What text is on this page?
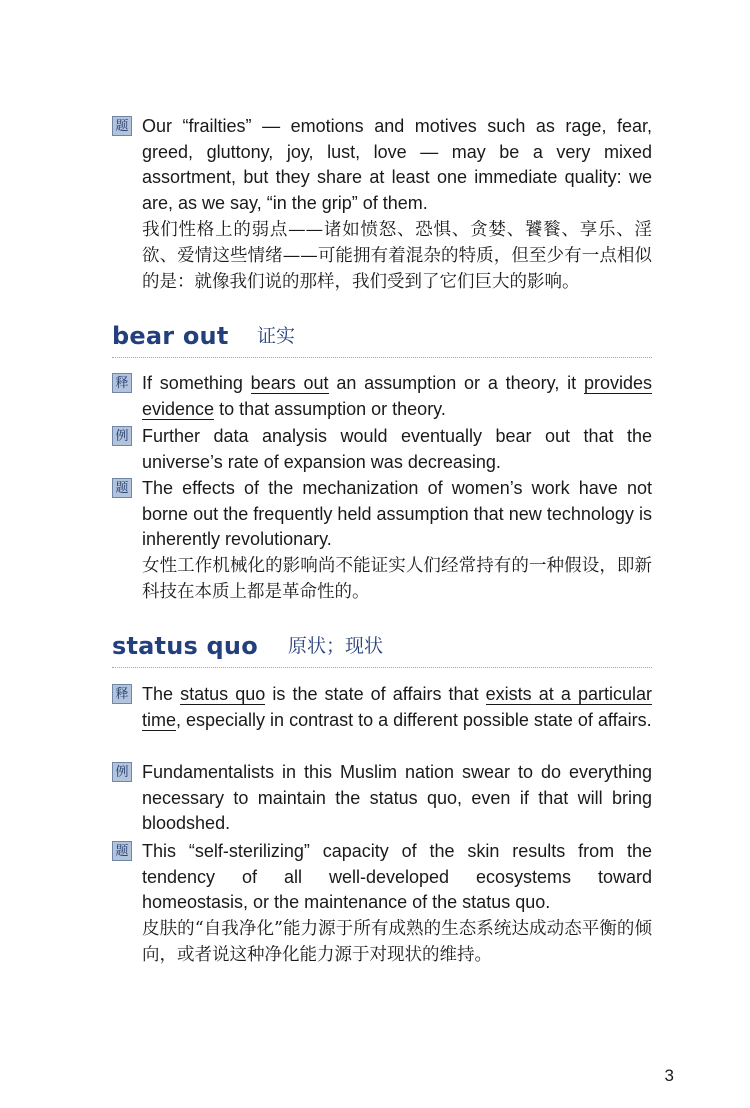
题 Our “frailties” — emotions and motives such as rage, fear, greed, gluttony, joy, lust, love — may be a very mixed assortment, but they share at least one immediate quality: we are, as we say, “in the grip” of them.
我们性格上的弱点——诸如愤怒、恐惧、贪婪、饕餮、享乐、淫欲、爱情这些情绪——可能拥有着混杂的特质，但至少有一点相似的是：就像我们说的那样，我们受到了它们巨大的影响。
bear out 证实
释 If something bears out an assumption or a theory, it provides evidence to that assumption or theory.
例 Further data analysis would eventually bear out that the universe’s rate of expansion was decreasing.
题 The effects of the mechanization of women’s work have not borne out the frequently held assumption that new technology is inherently revolutionary.
女性工作机械化的影响尚不能证实人们经常持有的一种假设，即新科技在本质上都是革命性的。
status quo 原状；现状
释 The status quo is the state of affairs that exists at a particular time, especially in contrast to a different possible state of affairs.
例 Fundamentalists in this Muslim nation swear to do everything necessary to maintain the status quo, even if that will bring bloodshed.
题 This “self-sterilizing” capacity of the skin results from the tendency of all well-developed ecosystems toward homeostasis, or the maintenance of the status quo.
皮肤的“自我净化”能力源于所有成熟的生态系统达成动态平衡的倾向，或者说这种净化能力源于对现状的维持。
3
